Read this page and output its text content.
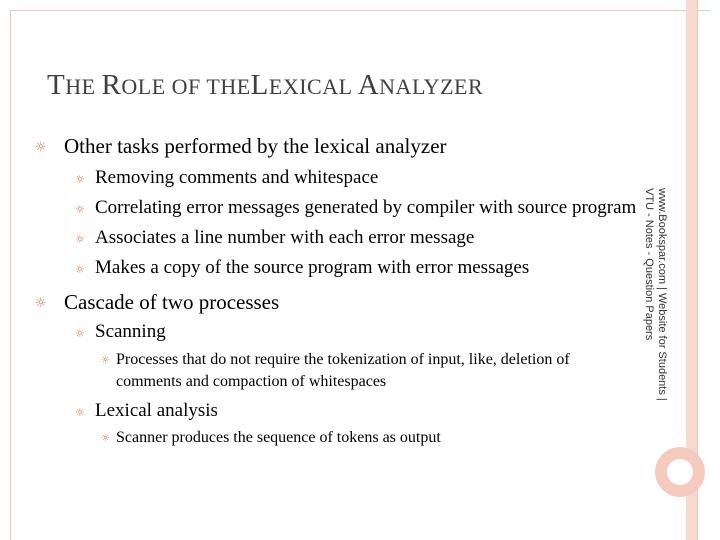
THE ROLE OF THELEXICAL ANALYZER
www.Bookspar.com | Website for Students |
VTU - Notes - Question Papers
☼ Other tasks performed by the lexical analyzer
☼ Removing comments and whitespace
☼ Correlating error messages generated by compiler with source program
☼ Associates a line number with each error message
☼ Makes a copy of the source program with error messages
☼ Cascade of two processes
☼ Scanning
☼ Processes that do not require the tokenization of input, like, deletion of
comments and compaction of whitespaces
☼ Lexical analysis
☼ Scanner produces the sequence of tokens as output
